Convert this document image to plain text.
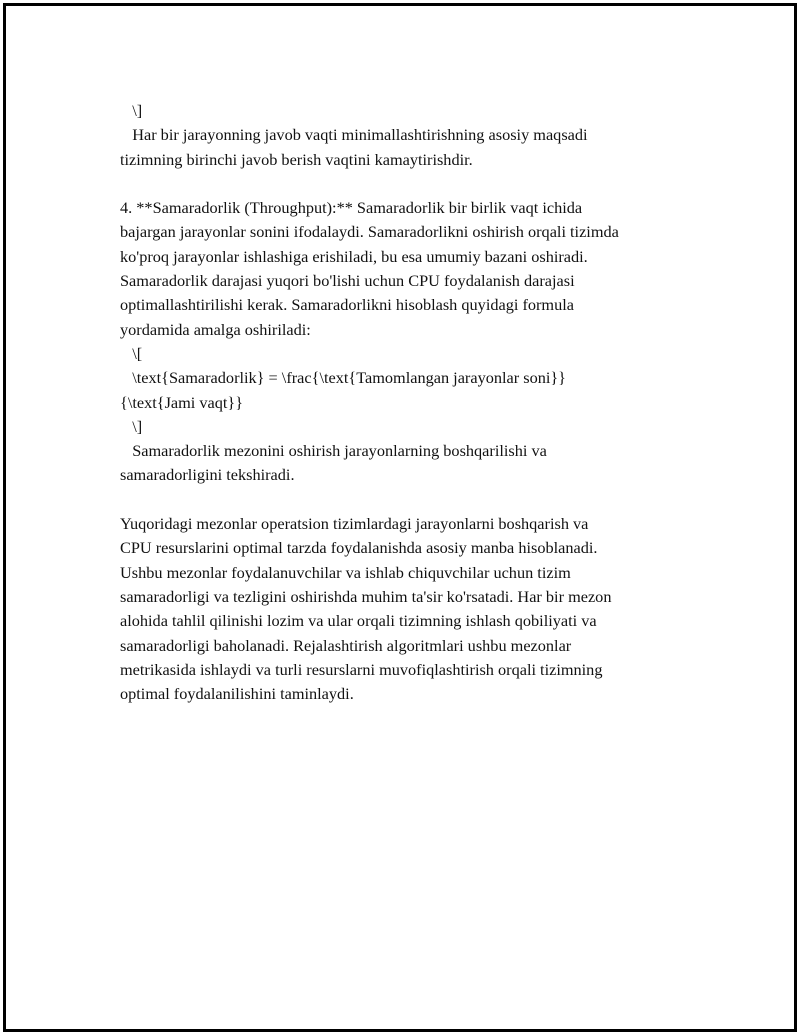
\]
Har bir jarayonning javob vaqti minimallashtirishning asosiy maqsadi
tizimning birinchi javob berish vaqtini kamaytirishdir.
4. **Samaradorlik (Throughput):** Samaradorlik bir birlik vaqt ichida
bajargan jarayonlar sonini ifodalaydi. Samaradorlikni oshirish orqali tizimda
ko'proq jarayonlar ishlashiga erishiladi, bu esa umumiy bazani oshiradi.
Samaradorlik darajasi yuqori bo'lishi uchun CPU foydalanish darajasi
optimallashtirilishi kerak. Samaradorlikni hisoblash quyidagi formula
yordamida amalga oshiriladi:
\[
\text{Samaradorlik} = \frac{\text{Tamomlangan jarayonlar soni}}
{\text{Jami vaqt}}
\]
Samaradorlik mezonini oshirish jarayonlarning boshqarilishi va
samaradorligini tekshiradi.
Yuqoridagi mezonlar operatsion tizimlardagi jarayonlarni boshqarish va
CPU resurslarini optimal tarzda foydalanishda asosiy manba hisoblanadi.
Ushbu mezonlar foydalanuvchilar va ishlab chiquvchilar uchun tizim
samaradorligi va tezligini oshirishda muhim ta'sir ko'rsatadi. Har bir mezon
alohida tahlil qilinishi lozim va ular orqali tizimning ishlash qobiliyati va
samaradorligi baholanadi. Rejalashtirish algoritmlari ushbu mezonlar
metrikasida ishlaydi va turli resurslarni muvofiqlashtirish orqali tizimning
optimal foydalanilishini taminlaydi.
